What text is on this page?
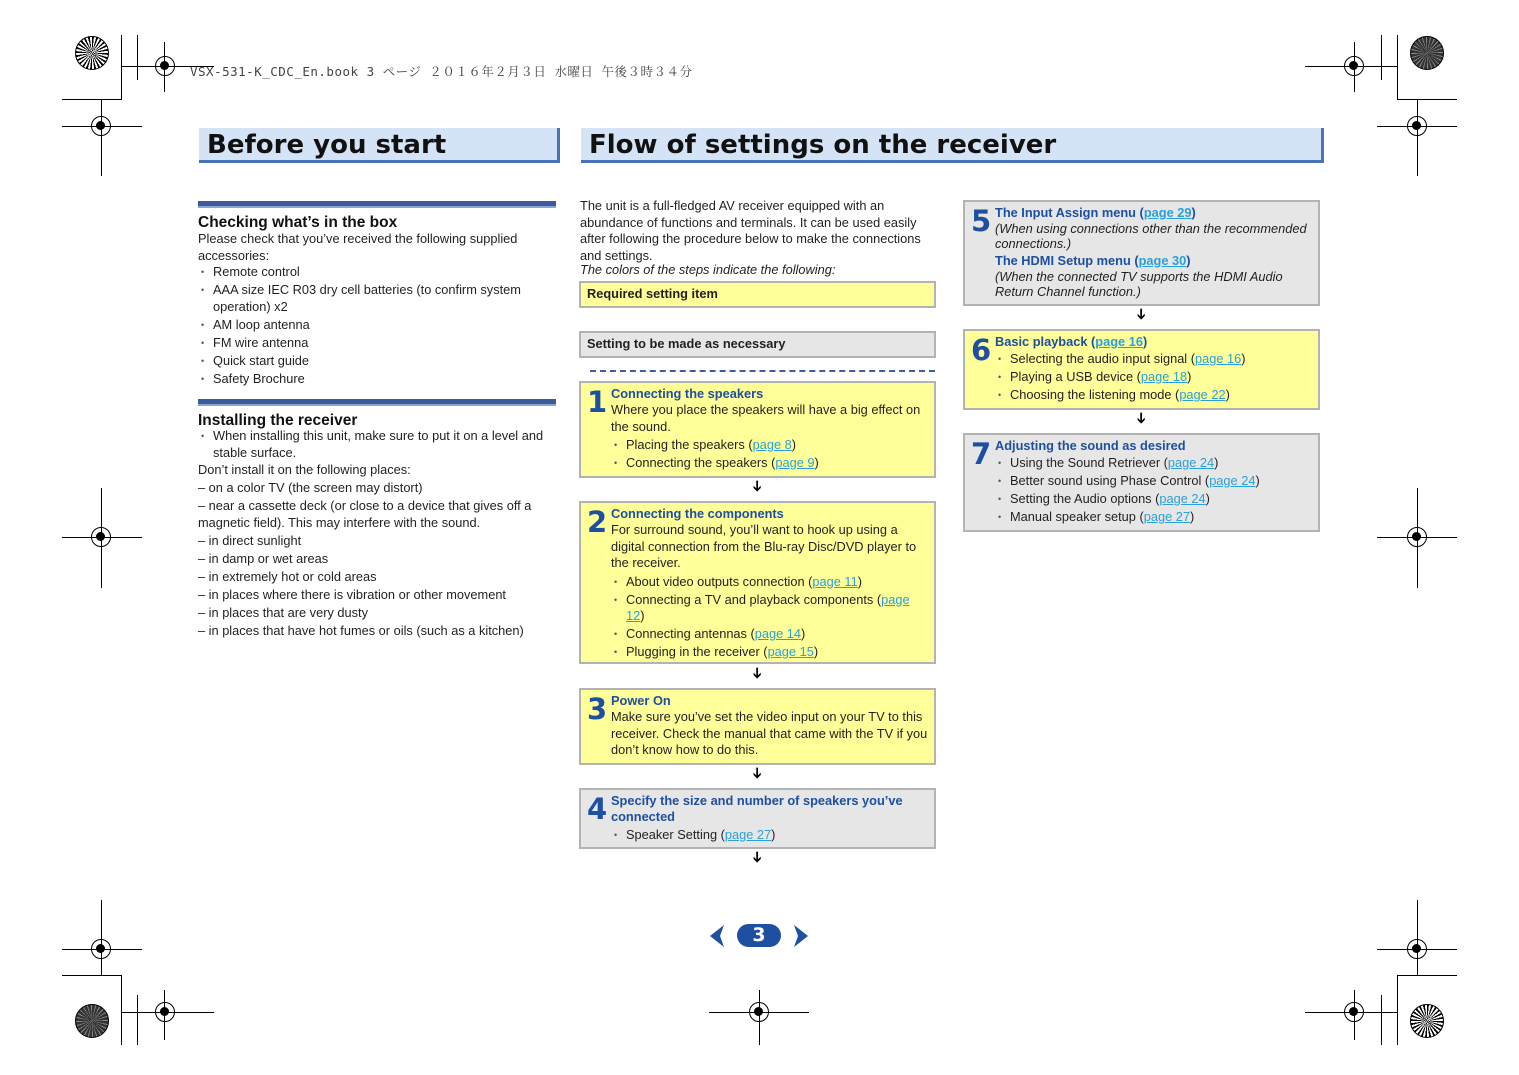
VSX-531-K_CDC_En.book 3 ページ ２０１６年２月３日 水曜日 午後３時３４分
Before you start	Flow of settings on the receiver
Checking what’s in the box
Please check that you’ve received the following supplied accessories:
• Remote control
• AAA size IEC R03 dry cell batteries (to confirm system operation) x2
• AM loop antenna
• FM wire antenna
• Quick start guide
• Safety Brochure
Installing the receiver
• When installing this unit, make sure to put it on a level and stable surface.
Don’t install it on the following places:
– on a color TV (the screen may distort)
– near a cassette deck (or close to a device that gives off a magnetic field). This may interfere with the sound.
– in direct sunlight
– in damp or wet areas
– in extremely hot or cold areas
– in places where there is vibration or other movement
– in places that are very dusty
– in places that have hot fumes or oils (such as a kitchen)
The unit is a full-fledged AV receiver equipped with an abundance of functions and terminals. It can be used easily after following the procedure below to make the connections and settings.
The colors of the steps indicate the following:
Required setting item
Setting to be made as necessary
1 Connecting the speakers
Where you place the speakers will have a big effect on the sound.
• Placing the speakers (page 8)
• Connecting the speakers (page 9)
➔
2 Connecting the components
For surround sound, you’ll want to hook up using a digital connection from the Blu-ray Disc/DVD player to the receiver.
• About video outputs connection (page 11)
• Connecting a TV and playback components (page 12)
• Connecting antennas (page 14)
• Plugging in the receiver (page 15)
➔
3 Power On
Make sure you’ve set the video input on your TV to this receiver. Check the manual that came with the TV if you don’t know how to do this.
➔
4 Specify the size and number of speakers you’ve connected
• Speaker Setting (page 27)
➔
5 The Input Assign menu (page 29)
(When using connections other than the recommended connections.)
The HDMI Setup menu (page 30)
(When the connected TV supports the HDMI Audio Return Channel function.)
➔
6 Basic playback (page 16)
• Selecting the audio input signal (page 16)
• Playing a USB device (page 18)
• Choosing the listening mode (page 22)
➔
7 Adjusting the sound as desired
• Using the Sound Retriever (page 24)
• Better sound using Phase Control (page 24)
• Setting the Audio options (page 24)
• Manual speaker setup (page 27)
3
